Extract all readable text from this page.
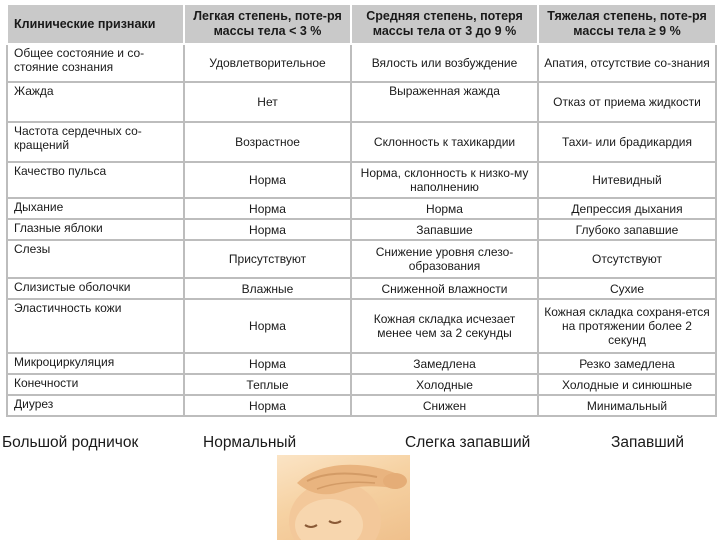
Клинические признаки	Легкая степень, поте-ря массы тела < 3 %	Средняя степень, потеря массы тела от 3 до 9 %	Тяжелая степень, поте-ря массы тела ≥ 9 %
Общее состояние и со-стояние сознания	Удовлетворительное	Вялость или возбуждение	Апатия, отсутствие со-знания
Жажда	Нет	Выраженная жажда	Отказ от приема жидкости
Частота сердечных со-кращений	Возрастное	Склонность к тахикардии	Тахи- или брадикардия
Качество пульса	Норма	Норма, склонность к низко-му наполнению	Нитевидный
Дыхание	Норма	Норма	Депрессия дыхания
Глазные яблоки	Норма	Запавшие	Глубоко запавшие
Слезы	Присутствуют	Снижение уровня слезо-образования	Отсутствуют
Слизистые оболочки	Влажные	Сниженной влажности	Сухие
Эластичность кожи	Норма	Кожная складка исчезает менее чем за 2 секунды	Кожная складка сохраня-ется на протяжении более 2 секунд
Микроциркуляция	Норма	Замедлена	Резко замедлена
Конечности	Теплые	Холодные	Холодные и синюшные
Диурез	Норма	Снижен	Минимальный
Большой родничок	Нормальный	Слегка запавший	Запавший
